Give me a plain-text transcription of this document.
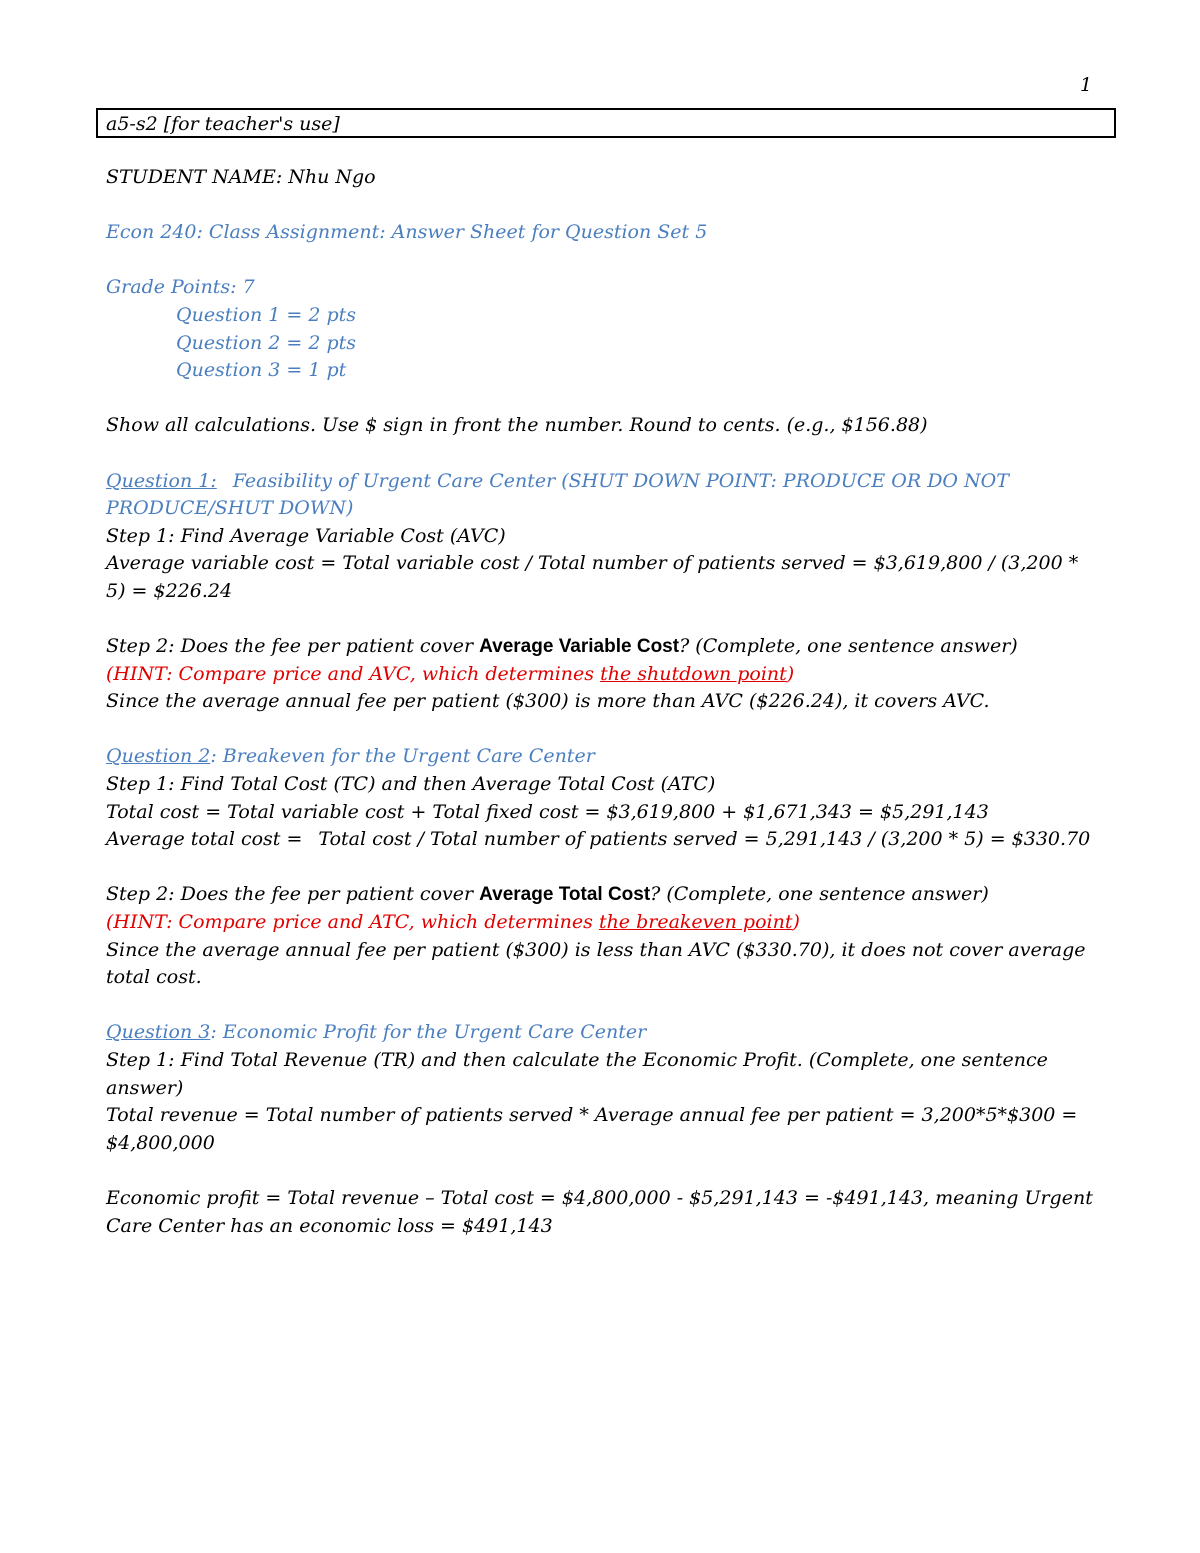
1
a5-s2 [for teacher's use]
STUDENT NAME: Nhu Ngo
Econ 240: Class Assignment: Answer Sheet for Question Set 5
Grade Points: 7
Question 1 = 2 pts
Question 2 = 2 pts
Question 3 = 1 pt
Show all calculations. Use $ sign in front the number. Round to cents. (e.g., $156.88)
Question 1: Feasibility of Urgent Care Center (SHUT DOWN POINT: PRODUCE OR DO NOT PRODUCE/SHUT DOWN)
Step 1: Find Average Variable Cost (AVC)
Average variable cost = Total variable cost / Total number of patients served = $3,619,800 / (3,200 * 5) = $226.24
Step 2: Does the fee per patient cover Average Variable Cost? (Complete, one sentence answer)
(HINT: Compare price and AVC, which determines the shutdown point)
Since the average annual fee per patient ($300) is more than AVC ($226.24), it covers AVC.
Question 2: Breakeven for the Urgent Care Center
Step 1: Find Total Cost (TC) and then Average Total Cost (ATC)
Total cost = Total variable cost + Total fixed cost = $3,619,800 + $1,671,343 = $5,291,143
Average total cost = Total cost / Total number of patients served = 5,291,143 / (3,200 * 5) = $330.70
Step 2: Does the fee per patient cover Average Total Cost? (Complete, one sentence answer)
(HINT: Compare price and ATC, which determines the breakeven point)
Since the average annual fee per patient ($300) is less than AVC ($330.70), it does not cover average total cost.
Question 3: Economic Profit for the Urgent Care Center
Step 1: Find Total Revenue (TR) and then calculate the Economic Profit. (Complete, one sentence answer)
Total revenue = Total number of patients served * Average annual fee per patient = 3,200*5*$300 = $4,800,000
Economic profit = Total revenue – Total cost = $4,800,000 - $5,291,143 = -$491,143, meaning Urgent Care Center has an economic loss = $491,143
